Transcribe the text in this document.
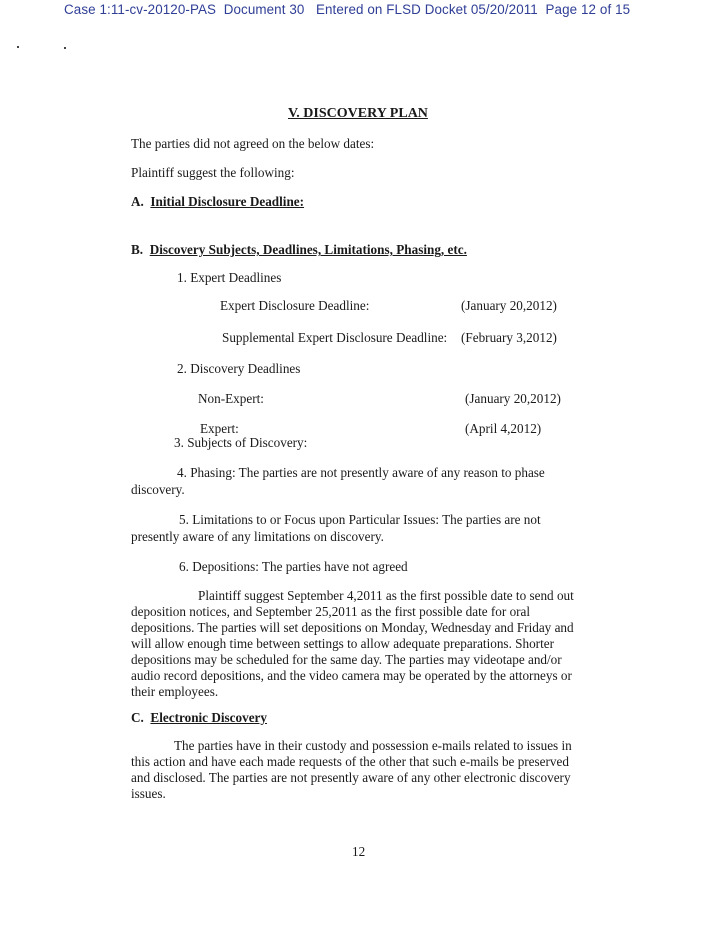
Case 1:11-cv-20120-PAS Document 30 Entered on FLSD Docket 05/20/2011 Page 12 of 15
V. DISCOVERY PLAN
The parties did not agreed on the below dates:
Plaintiff suggest the following:
A. Initial Disclosure Deadline:
B. Discovery Subjects, Deadlines, Limitations, Phasing, etc.
1. Expert Deadlines
Expert Disclosure Deadline:	(January 20,2012)
Supplemental Expert Disclosure Deadline: (February 3,2012)
2. Discovery Deadlines
Non-Expert:	(January 20,2012)
Expert:	(April 4,2012)
3. Subjects of Discovery:
4. Phasing: The parties are not presently aware of any reason to phase
discovery.
5. Limitations to or Focus upon Particular Issues: The parties are not
presently aware of any limitations on discovery.
6. Depositions: The parties have not agreed
Plaintiff suggest September 4,2011 as the first possible date to send out
deposition notices, and September 25,2011 as the first possible date for oral
depositions. The parties will set depositions on Monday, Wednesday and Friday and
will allow enough time between settings to allow adequate preparations. Shorter
depositions may be scheduled for the same day. The parties may videotape and/or
audio record depositions, and the video camera may be operated by the attorneys or
their employees.
C. Electronic Discovery
The parties have in their custody and possession e-mails related to issues in
this action and have each made requests of the other that such e-mails be preserved
and disclosed. The parties are not presently aware of any other electronic discovery
issues.
12
